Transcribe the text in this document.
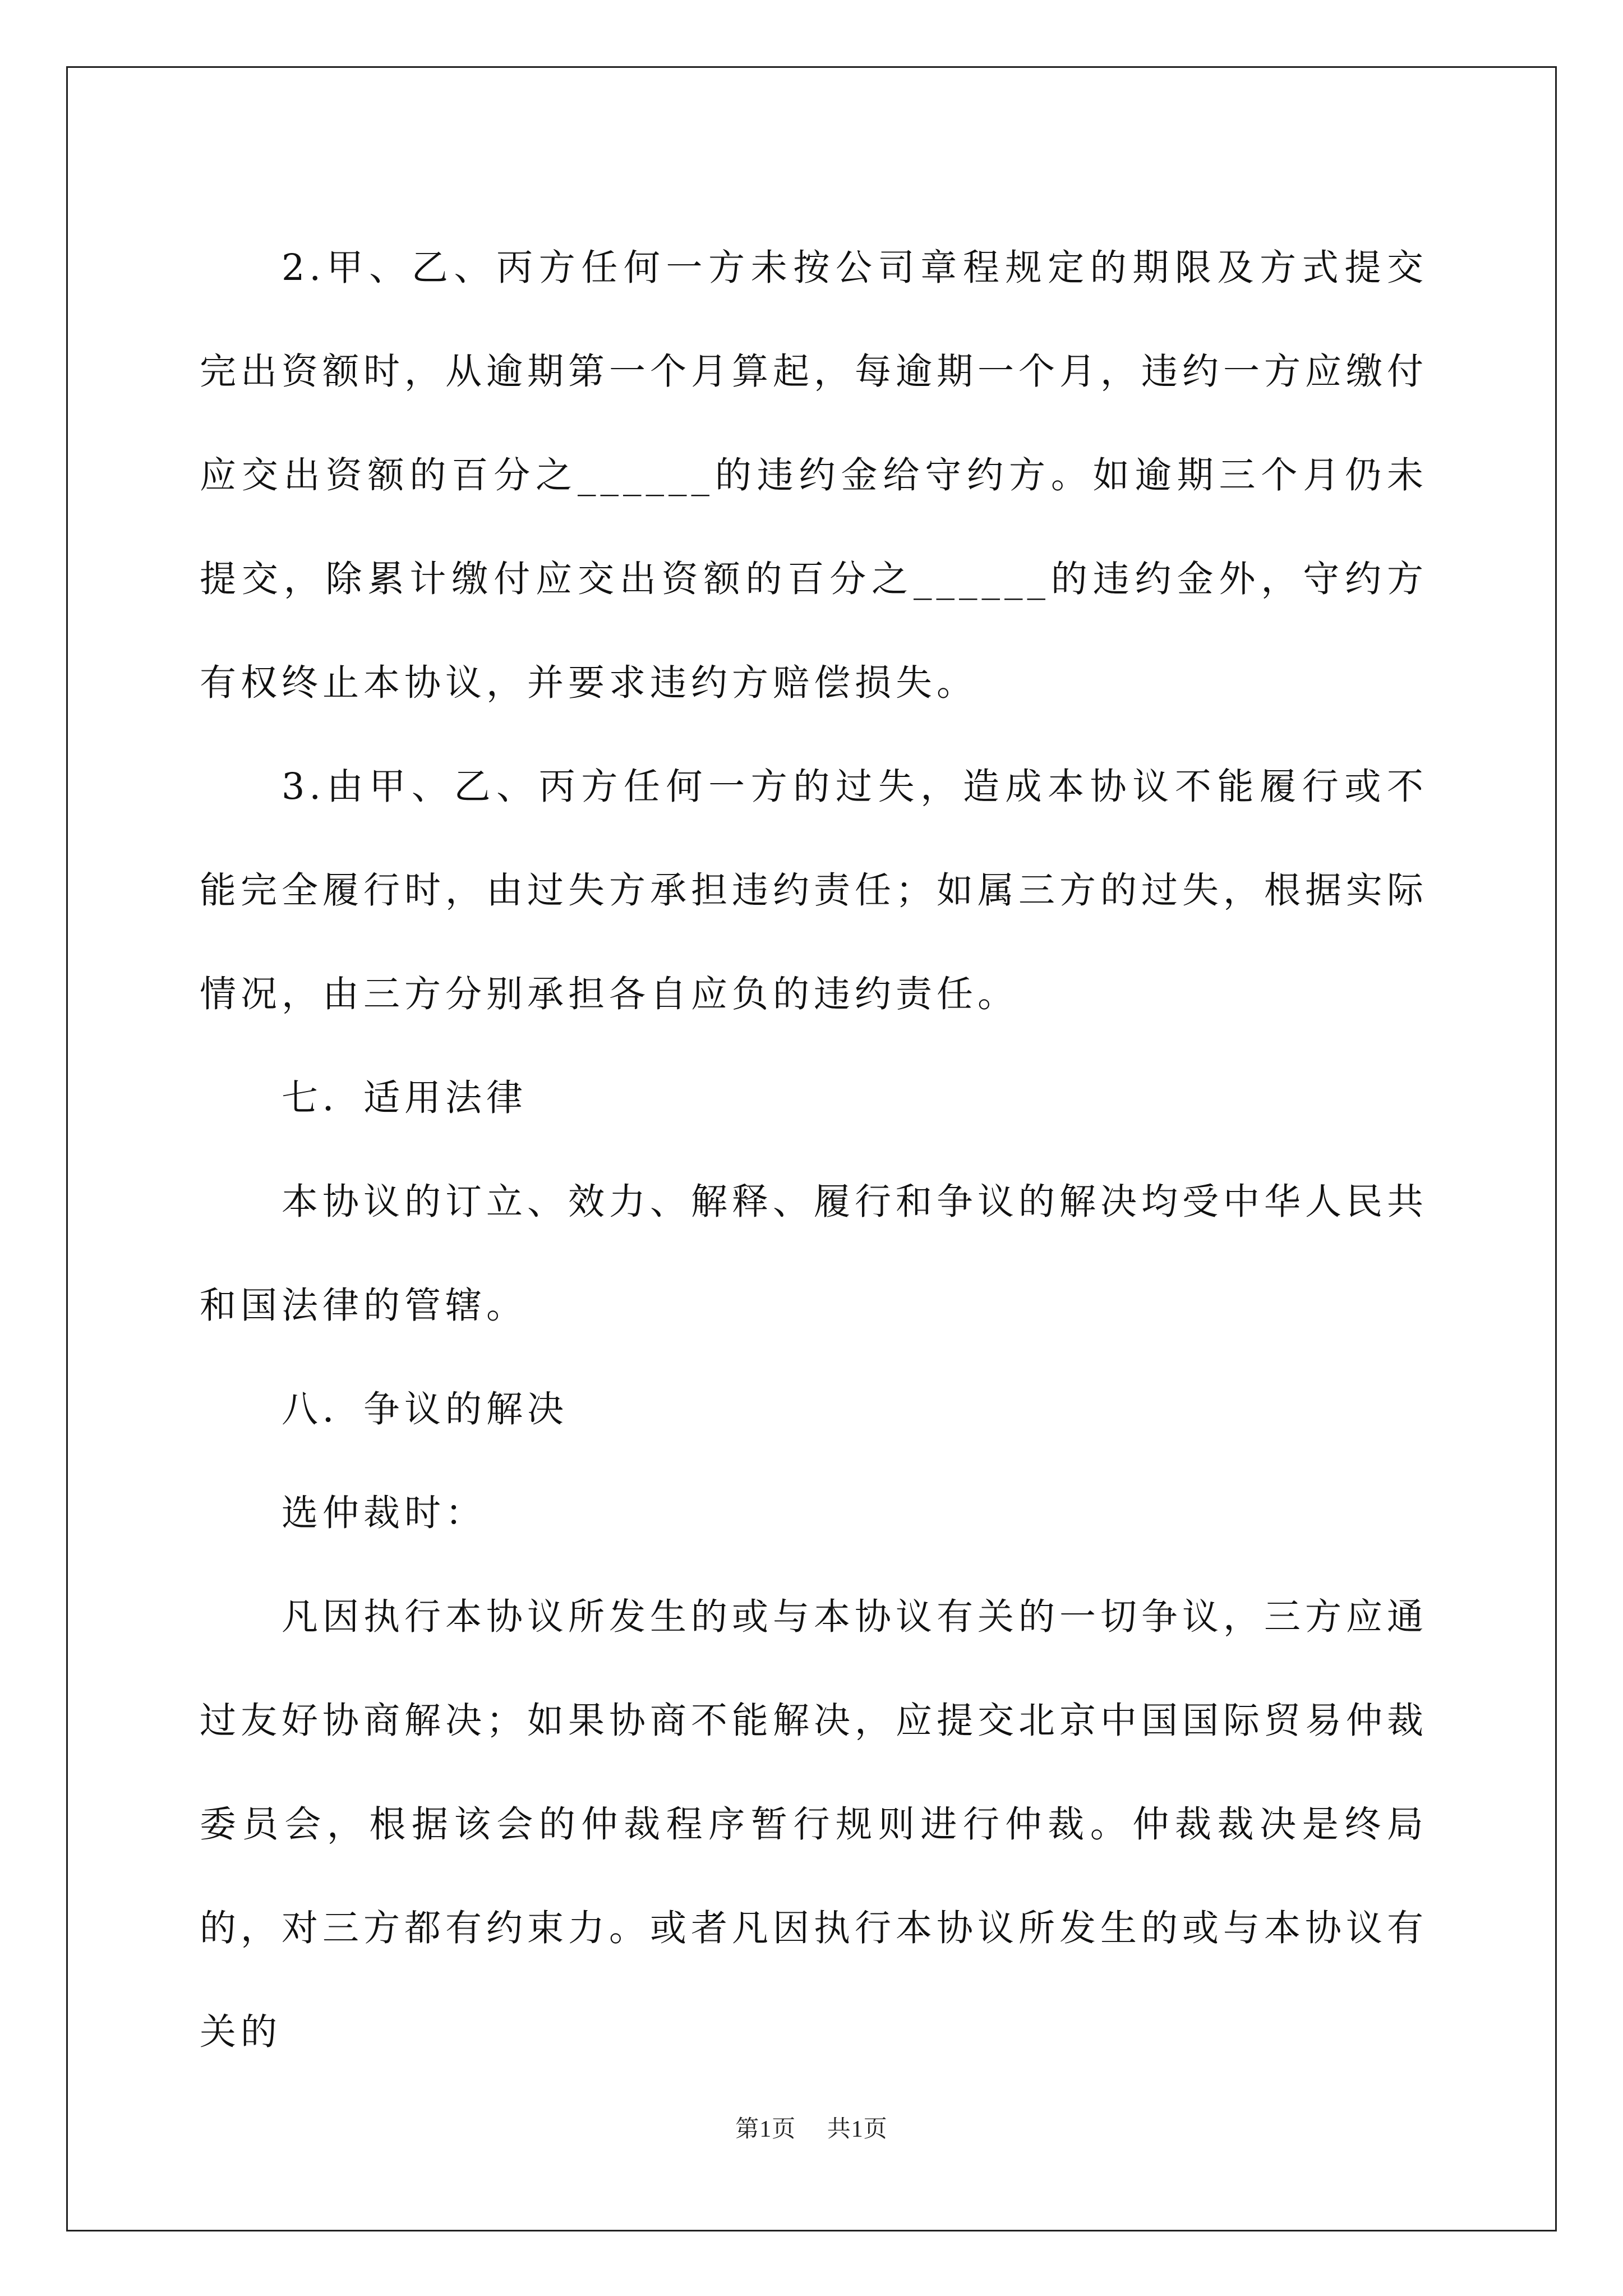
2.甲、乙、丙方任何一方未按公司章程规定的期限及方式提交完出资额时，从逾期第一个月算起，每逾期一个月，违约一方应缴付应交出资额的百分之______的违约金给守约方。如逾期三个月仍未提交，除累计缴付应交出资额的百分之______的违约金外，守约方有权终止本协议，并要求违约方赔偿损失。

3.由甲、乙、丙方任何一方的过失，造成本协议不能履行或不能完全履行时，由过失方承担违约责任；如属三方的过失，根据实际情况，由三方分别承担各自应负的违约责任。

七．适用法律

本协议的订立、效力、解释、履行和争议的解决均受中华人民共和国法律的管辖。

八．争议的解决

选仲裁时：

凡因执行本协议所发生的或与本协议有关的一切争议，三方应通过友好协商解决；如果协商不能解决，应提交北京中国国际贸易仲裁委员会，根据该会的仲裁程序暂行规则进行仲裁。仲裁裁决是终局的，对三方都有约束力。或者凡因执行本协议所发生的或与本协议有关的

第1页 共1页
